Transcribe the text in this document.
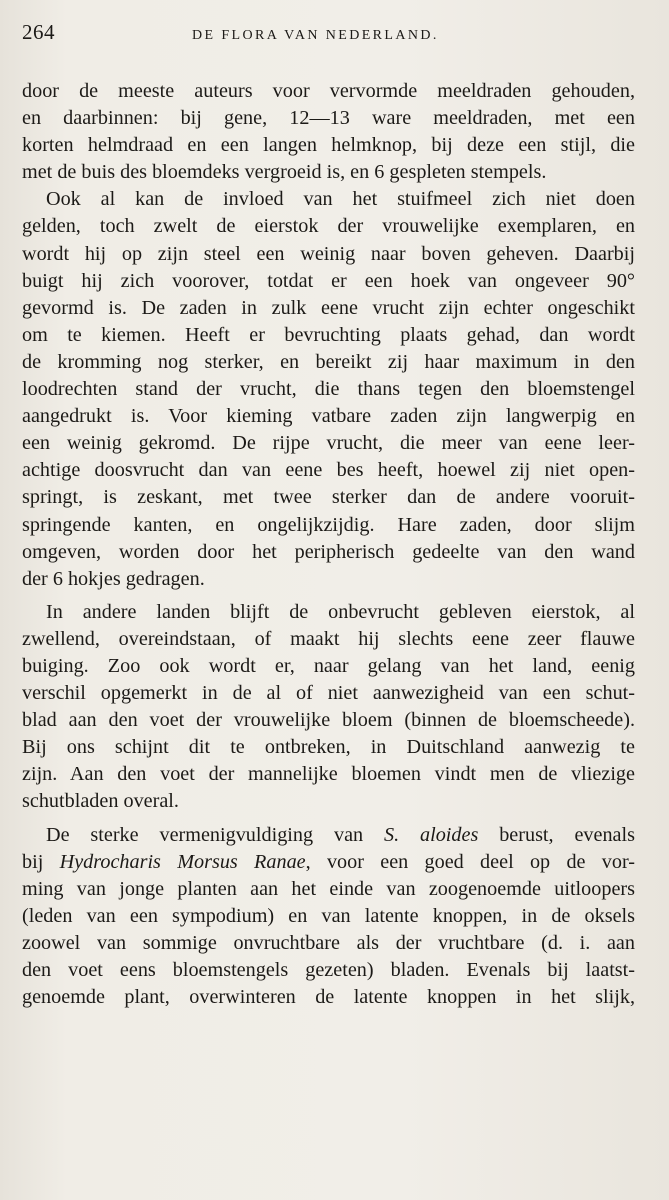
264	DE FLORA VAN NEDERLAND.

door de meeste auteurs voor vervormde meeldraden gehouden,
en daarbinnen: bij gene, 12—13 ware meeldraden, met een
korten helmdraad en een langen helmknop, bij deze een stijl, die
met de buis des bloemdeks vergroeid is, en 6 gespleten stempels.

Ook al kan de invloed van het stuifmeel zich niet doen
gelden, toch zwelt de eierstok der vrouwelijke exemplaren, en
wordt hij op zijn steel een weinig naar boven geheven. Daarbij
buigt hij zich voorover, totdat er een hoek van ongeveer 90°
gevormd is. De zaden in zulk eene vrucht zijn echter ongeschikt
om te kiemen. Heeft er bevruchting plaats gehad, dan wordt
de kromming nog sterker, en bereikt zij haar maximum in den
loodrechten stand der vrucht, die thans tegen den bloemstengel
aangedrukt is. Voor kieming vatbare zaden zijn langwerpig en
een weinig gekromd. De rijpe vrucht, die meer van eene leer-
achtige doosvrucht dan van eene bes heeft, hoewel zij niet open-
springt, is zeskant, met twee sterker dan de andere vooruit-
springende kanten, en ongelijkzijdig. Hare zaden, door slijm
omgeven, worden door het peripherisch gedeelte van den wand
der 6 hokjes gedragen.

In andere landen blijft de onbevrucht gebleven eierstok, al
zwellend, overeindstaan, of maakt hij slechts eene zeer flauwe
buiging. Zoo ook wordt er, naar gelang van het land, eenig
verschil opgemerkt in de al of niet aanwezigheid van een schut-
blad aan den voet der vrouwelijke bloem (binnen de bloemscheede).
Bij ons schijnt dit te ontbreken, in Duitschland aanwezig te
zijn. Aan den voet der mannelijke bloemen vindt men de vliezige
schutbladen overal.

De sterke vermenigvuldiging van S. aloides berust, evenals
bij Hydrocharis Morsus Ranae, voor een goed deel op de vor-
ming van jonge planten aan het einde van zoogenoemde uitloopers
(leden van een sympodium) en van latente knoppen, in de oksels
zoowel van sommige onvruchtbare als der vruchtbare (d. i. aan
den voet eens bloemstengels gezeten) bladen. Evenals bij laatst-
genoemde plant, overwinteren de latente knoppen in het slijk,
